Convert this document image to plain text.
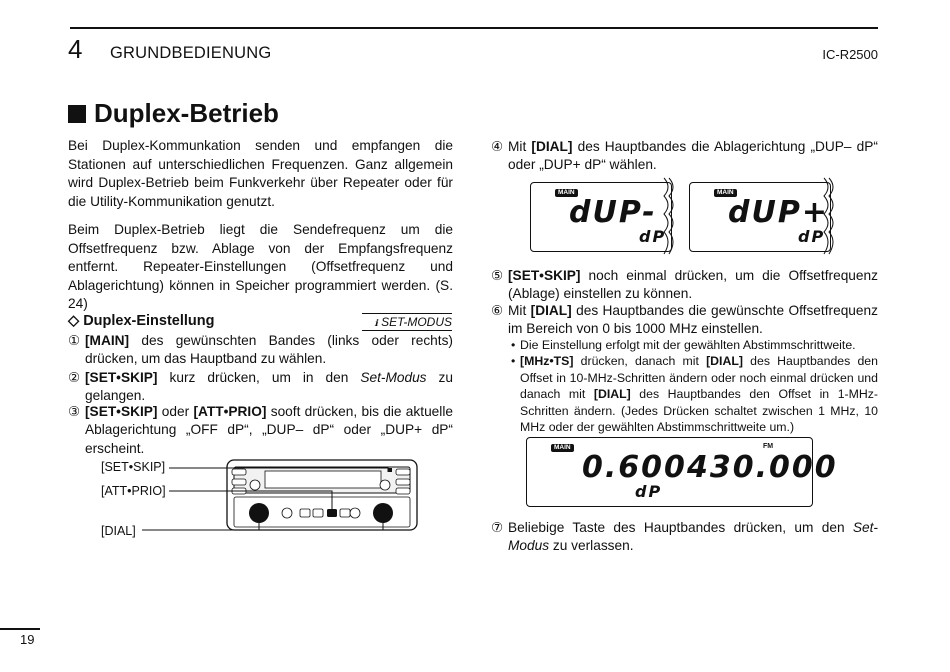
4 GRUNDBEDIENUNG	IC-R2500
Duplex-Betrieb
Bei Duplex-Kommunkation senden und empfangen die Stationen auf unterschiedlichen Frequenzen. Ganz allgemein wird Duplex-Betrieb beim Funkverkehr über Repeater oder für die Utility-Kommunikation genutzt.
Beim Duplex-Betrieb liegt die Sendefrequenz um die Offsetfrequenz bzw. Ablage von der Empfangsfrequenz entfernt. Repeater-Einstellungen (Offsetfrequenz und Ablagerichtung) können in Speicher programmiert werden. (S. 24)
◇ Duplex-Einstellung	ℹ SET-MODUS
① [MAIN] des gewünschten Bandes (links oder rechts) drücken, um das Hauptband zu wählen.
② [SET•SKIP] kurz drücken, um in den Set-Modus zu gelangen.
③ [SET•SKIP] oder [ATT•PRIO] sooft drücken, bis die aktuelle Ablagerichtung „OFF dP“, „DUP– dP“ oder „DUP+ dP“ erscheint.
[SET•SKIP]
[ATT•PRIO]
[DIAL]
④ Mit [DIAL] des Hauptbandes die Ablagerichtung „DUP– dP“ oder „DUP+ dP“ wählen.
MAIN
dUP-
dP
MAIN
dUP+
dP
⑤ [SET•SKIP] noch einmal drücken, um die Offsetfrequenz (Ablage) einstellen zu können.
⑥ Mit [DIAL] des Hauptbandes die gewünschte Offsetfrequenz im Bereich von 0 bis 1000 MHz einstellen.
• Die Einstellung erfolgt mit der gewählten Abstimmschrittweite.
• [MHz•TS] drücken, danach mit [DIAL] des Hauptbandes den Offset in 10-MHz-Schritten ändern oder noch einmal drücken und danach mit [DIAL] des Hauptbandes den Offset in 1-MHz-Schritten ändern. (Jedes Drücken schaltet zwischen 1 MHz, 10 MHz oder der gewählten Abstimmschrittweite um.)
MAIN	FM
0.600 430.000
dP
⑦ Beliebige Taste des Hauptbandes drücken, um den Set-Modus zu verlassen.
19
